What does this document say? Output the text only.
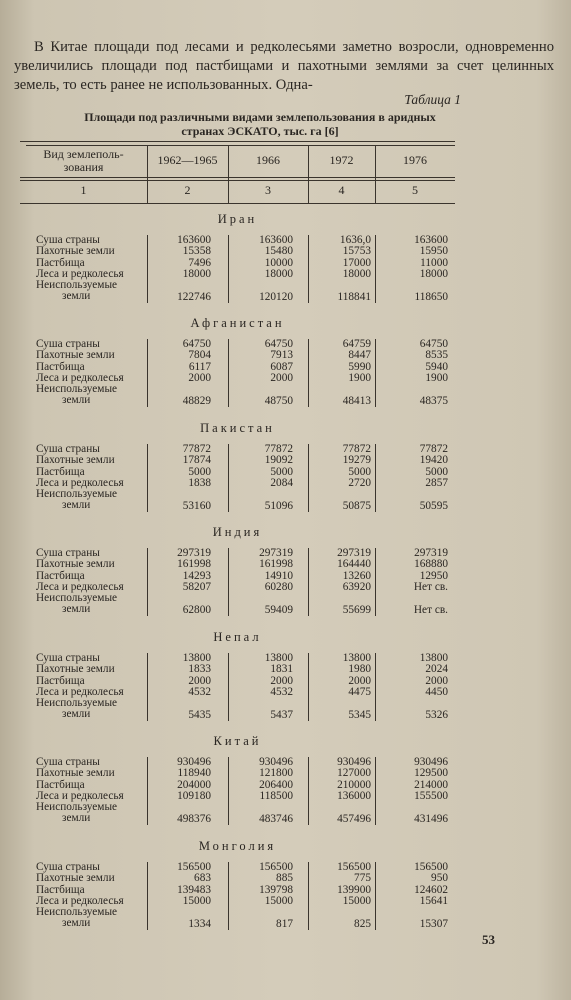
В Китае площади под лесами и редколесьями заметно возросли, одновременно увеличились площади под пастбищами и пахотными землями за счет целинных земель, то есть ранее не использованных. Одна-

Таблица 1
Площади под различными видами землепользования в аридных
странах ЭСКАТО, тыс. га [6]
Вид землеполь-
зования	1962—1965	1966	1972	1976
1	2	3	4	5
Иран
Суша страны	163600	163600	1636,0	163600
Пахотные земли	15358	15480	15753	15950
Пастбища	7496	10000	17000	11000
Леса и редколесья	18000	18000	18000	18000
Неиспользуемые
земли	122746	120120	118841	118650
Афганистан
Суша страны	64750	64750	64759	64750
Пахотные земли	7804	7913	8447	8535
Пастбища	6117	6087	5990	5940
Леса и редколесья	2000	2000	1900	1900
Неиспользуемые
земли	48829	48750	48413	48375
Пакистан
Суша страны	77872	77872	77872	77872
Пахотные земли	17874	19092	19279	19420
Пастбища	5000	5000	5000	5000
Леса и редколесья	1838	2084	2720	2857
Неиспользуемые
земли	53160	51096	50875	50595
Индия
Суша страны	297319	297319	297319	297319
Пахотные земли	161998	161998	164440	168880
Пастбища	14293	14910	13260	12950
Леса и редколесья	58207	60280	63920	Нет св.
Неиспользуемые
земли	62800	59409	55699	Нет св.
Непал
Суша страны	13800	13800	13800	13800
Пахотные земли	1833	1831	1980	2024
Пастбища	2000	2000	2000	2000
Леса и редколесья	4532	4532	4475	4450
Неиспользуемые
земли	5435	5437	5345	5326
Китай
Суша страны	930496	930496	930496	930496
Пахотные земли	118940	121800	127000	129500
Пастбища	204000	206400	210000	214000
Леса и редколесья	109180	118500	136000	155500
Неиспользуемые
земли	498376	483746	457496	431496
Монголия
Суша страны	156500	156500	156500	156500
Пахотные земли	683	885	775	950
Пастбища	139483	139798	139900	124602
Леса и редколесья	15000	15000	15000	15641
Неиспользуемые
земли	1334	817	825	15307
53
